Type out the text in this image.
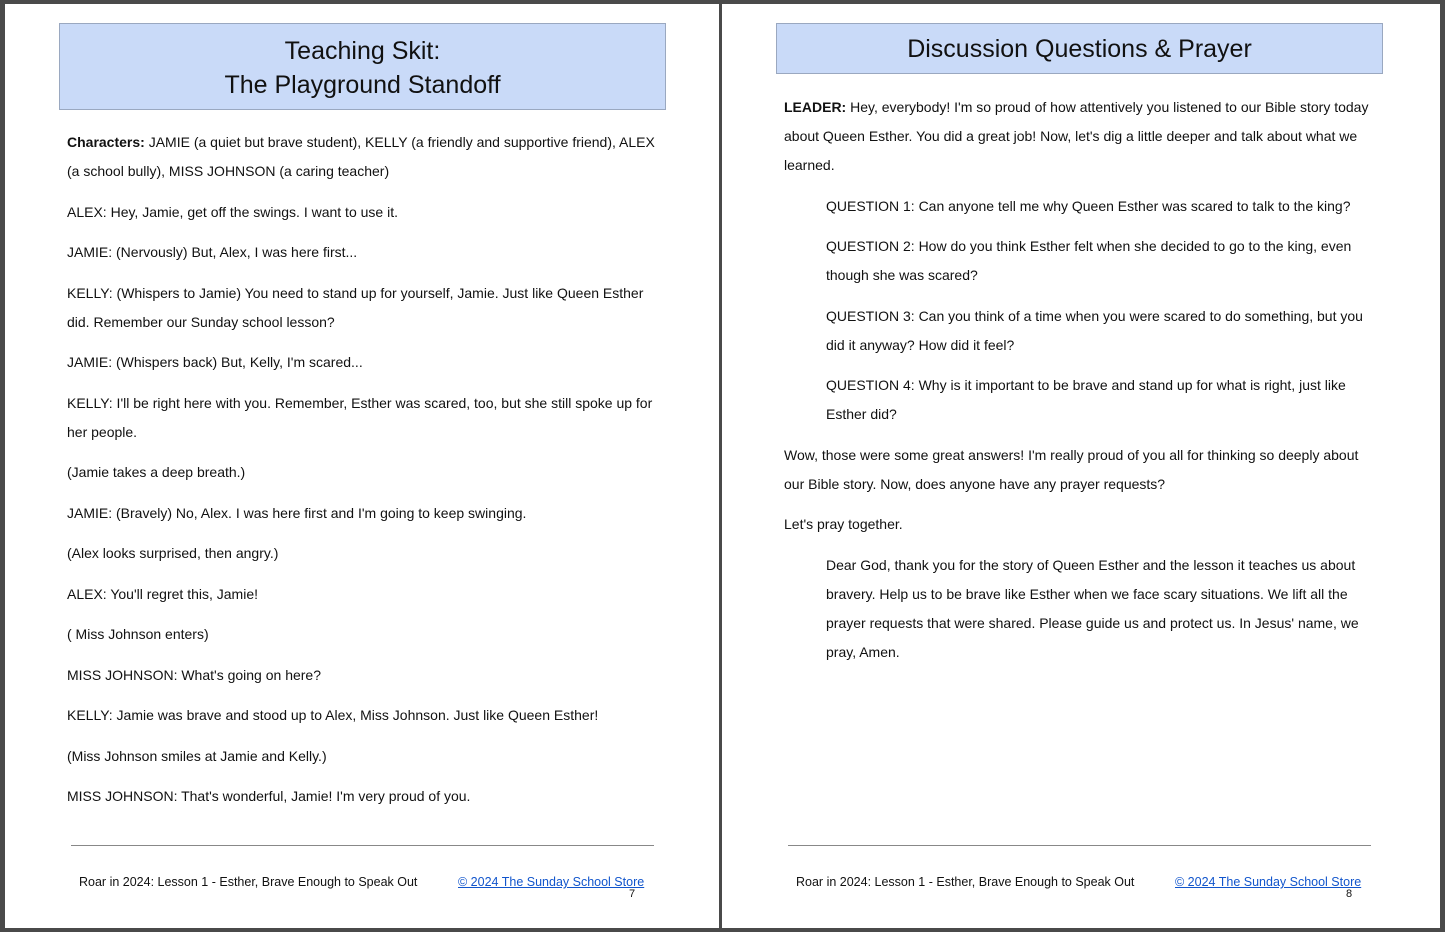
Teaching Skit:
The Playground Standoff

Characters: JAMIE (a quiet but brave student), KELLY (a friendly and supportive friend), ALEX (a school bully), MISS JOHNSON (a caring teacher)

ALEX: Hey, Jamie, get off the swings. I want to use it.

JAMIE: (Nervously) But, Alex, I was here first...

KELLY: (Whispers to Jamie) You need to stand up for yourself, Jamie. Just like Queen Esther did. Remember our Sunday school lesson?

JAMIE: (Whispers back) But, Kelly, I'm scared...

KELLY: I'll be right here with you. Remember, Esther was scared, too, but she still spoke up for her people.

(Jamie takes a deep breath.)

JAMIE: (Bravely) No, Alex. I was here first and I'm going to keep swinging.

(Alex looks surprised, then angry.)

ALEX: You'll regret this, Jamie!

( Miss Johnson enters)

MISS JOHNSON: What's going on here?

KELLY: Jamie was brave and stood up to Alex, Miss Johnson. Just like Queen Esther!

(Miss Johnson smiles at Jamie and Kelly.)

MISS JOHNSON: That's wonderful, Jamie! I'm very proud of you.

Roar in 2024: Lesson 1 - Esther, Brave Enough to Speak Out	© 2024 The Sunday School Store
7
Discussion Questions & Prayer

LEADER: Hey, everybody! I'm so proud of how attentively you listened to our Bible story today about Queen Esther. You did a great job! Now, let's dig a little deeper and talk about what we learned.

QUESTION 1: Can anyone tell me why Queen Esther was scared to talk to the king?

QUESTION 2: How do you think Esther felt when she decided to go to the king, even though she was scared?

QUESTION 3: Can you think of a time when you were scared to do something, but you did it anyway? How did it feel?

QUESTION 4: Why is it important to be brave and stand up for what is right, just like Esther did?

Wow, those were some great answers! I'm really proud of you all for thinking so deeply about our Bible story. Now, does anyone have any prayer requests?

Let's pray together.

Dear God, thank you for the story of Queen Esther and the lesson it teaches us about bravery. Help us to be brave like Esther when we face scary situations. We lift all the prayer requests that were shared. Please guide us and protect us. In Jesus' name, we pray, Amen.

Roar in 2024: Lesson 1 - Esther, Brave Enough to Speak Out	© 2024 The Sunday School Store
8
